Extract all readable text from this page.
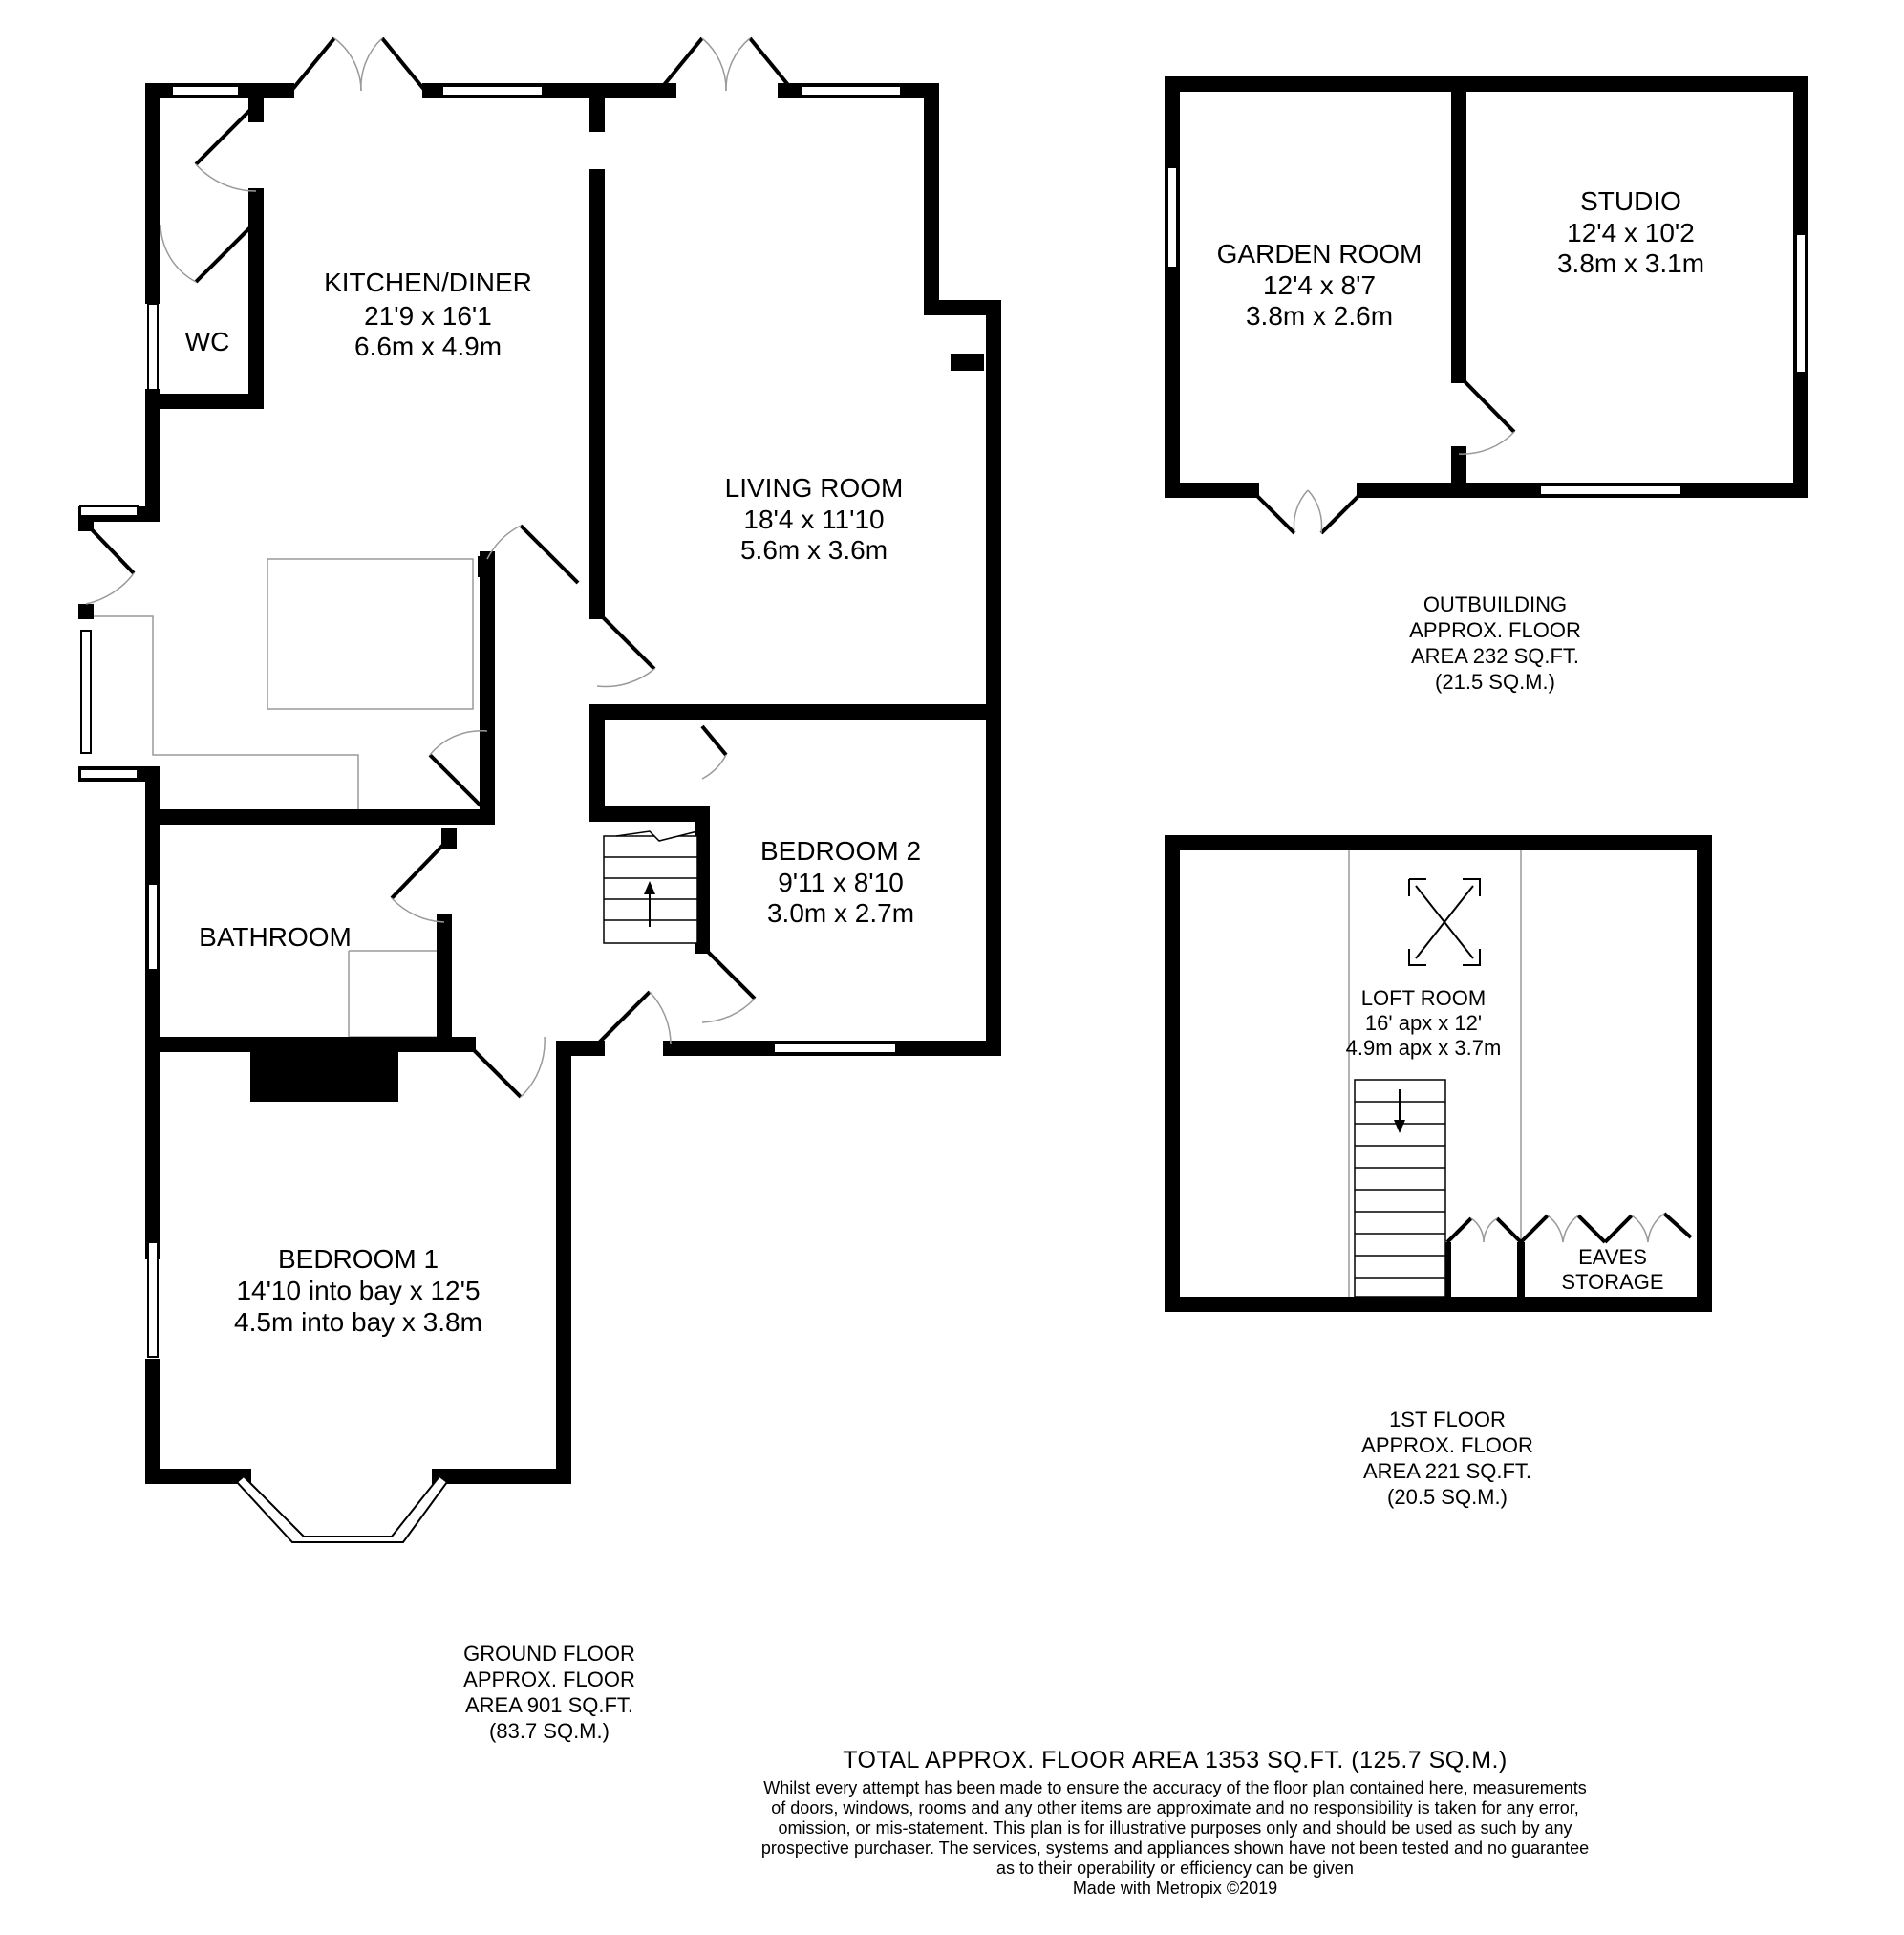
KITCHEN/DINER
21'9 x 16'1
6.6m x 4.9m
WC
LIVING ROOM
18'4 x 11'10
5.6m x 3.6m
BEDROOM 2
9'11 x 8'10
3.0m x 2.7m
BATHROOM
BEDROOM 1
14'10 into bay x 12'5
4.5m into bay x 3.8m
GROUND FLOOR
APPROX. FLOOR
AREA 901 SQ.FT.
(83.7 SQ.M.)
GARDEN ROOM
12'4 x 8'7
3.8m x 2.6m
STUDIO
12'4 x 10'2
3.8m x 3.1m
OUTBUILDING
APPROX. FLOOR
AREA 232 SQ.FT.
(21.5 SQ.M.)
LOFT ROOM
16' apx x 12'
4.9m apx x 3.7m
EAVES
STORAGE
1ST FLOOR
APPROX. FLOOR
AREA 221 SQ.FT.
(20.5 SQ.M.)
TOTAL APPROX. FLOOR AREA 1353 SQ.FT. (125.7 SQ.M.)
Whilst every attempt has been made to ensure the accuracy of the floor plan contained here, measurements
of doors, windows, rooms and any other items are approximate and no responsibility is taken for any error,
omission, or mis-statement. This plan is for illustrative purposes only and should be used as such by any
prospective purchaser. The services, systems and appliances shown have not been tested and no guarantee
as to their operability or efficiency can be given
Made with Metropix ©2019
